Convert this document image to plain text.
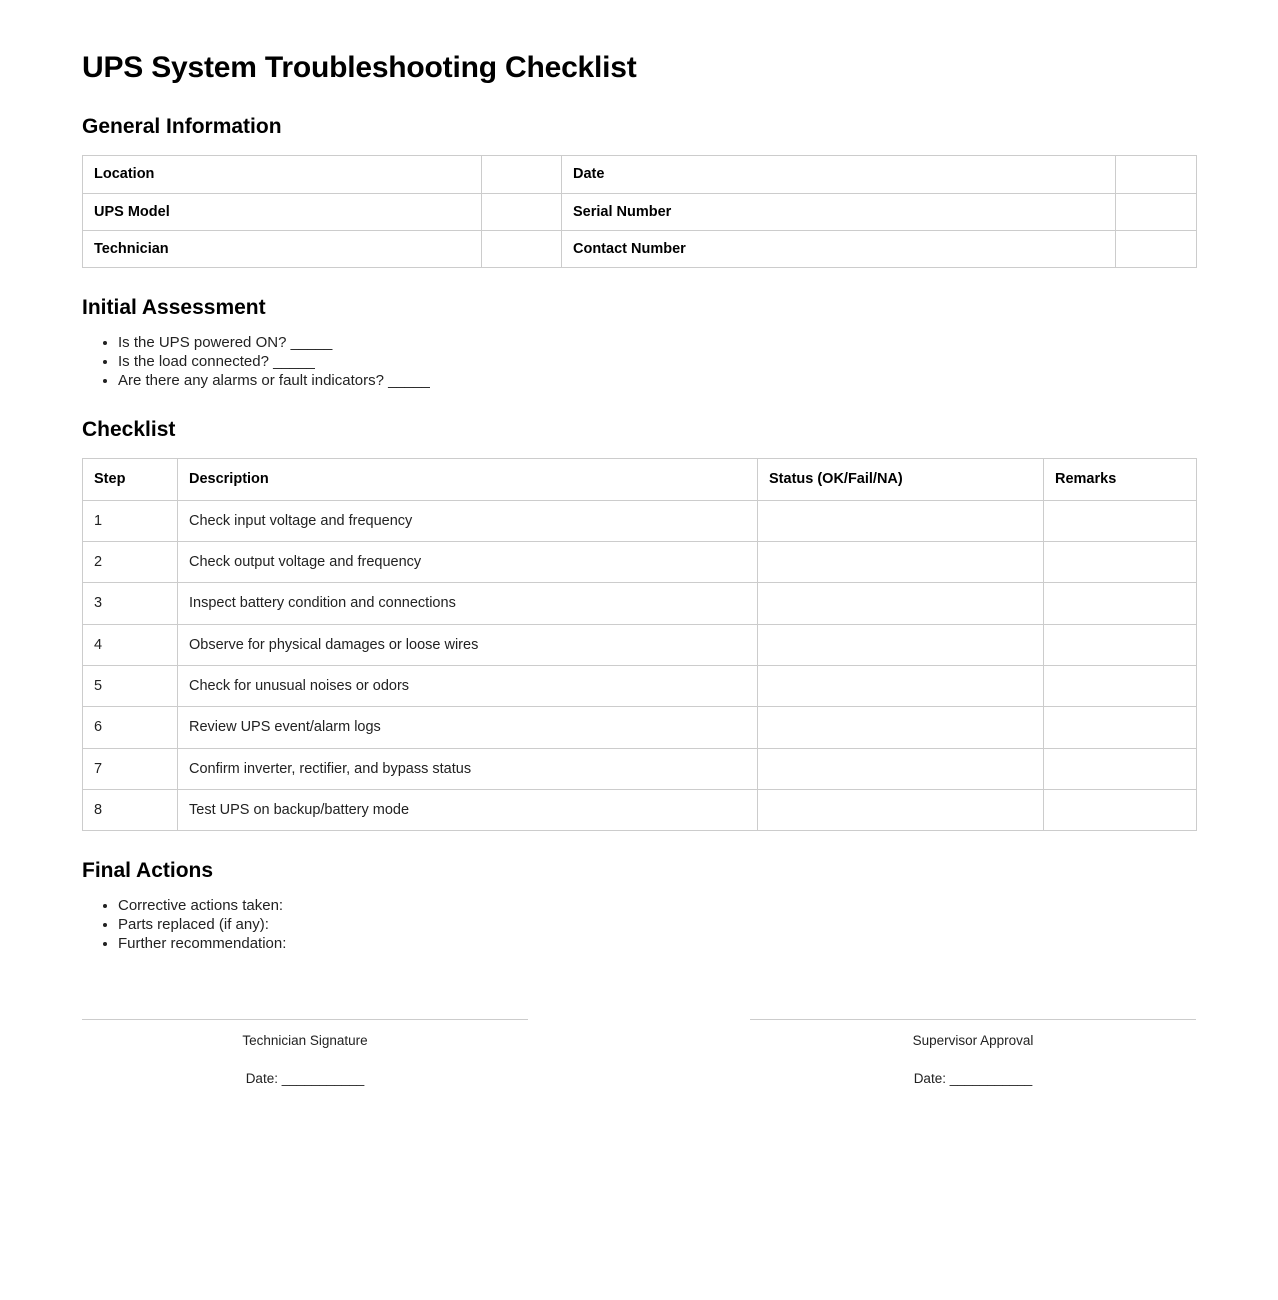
UPS System Troubleshooting Checklist
General Information
Location		Date	
UPS Model		Serial Number	
Technician		Contact Number	
Initial Assessment
• Is the UPS powered ON? _____
• Is the load connected? _____
• Are there any alarms or fault indicators? _____
Checklist
Step	Description	Status (OK/Fail/NA)	Remarks
1	Check input voltage and frequency		
2	Check output voltage and frequency		
3	Inspect battery condition and connections		
4	Observe for physical damages or loose wires		
5	Check for unusual noises or odors		
6	Review UPS event/alarm logs		
7	Confirm inverter, rectifier, and bypass status		
8	Test UPS on backup/battery mode		
Final Actions
• Corrective actions taken:
• Parts replaced (if any):
• Further recommendation:
Technician Signature
Date: ___________
Supervisor Approval
Date: ___________
